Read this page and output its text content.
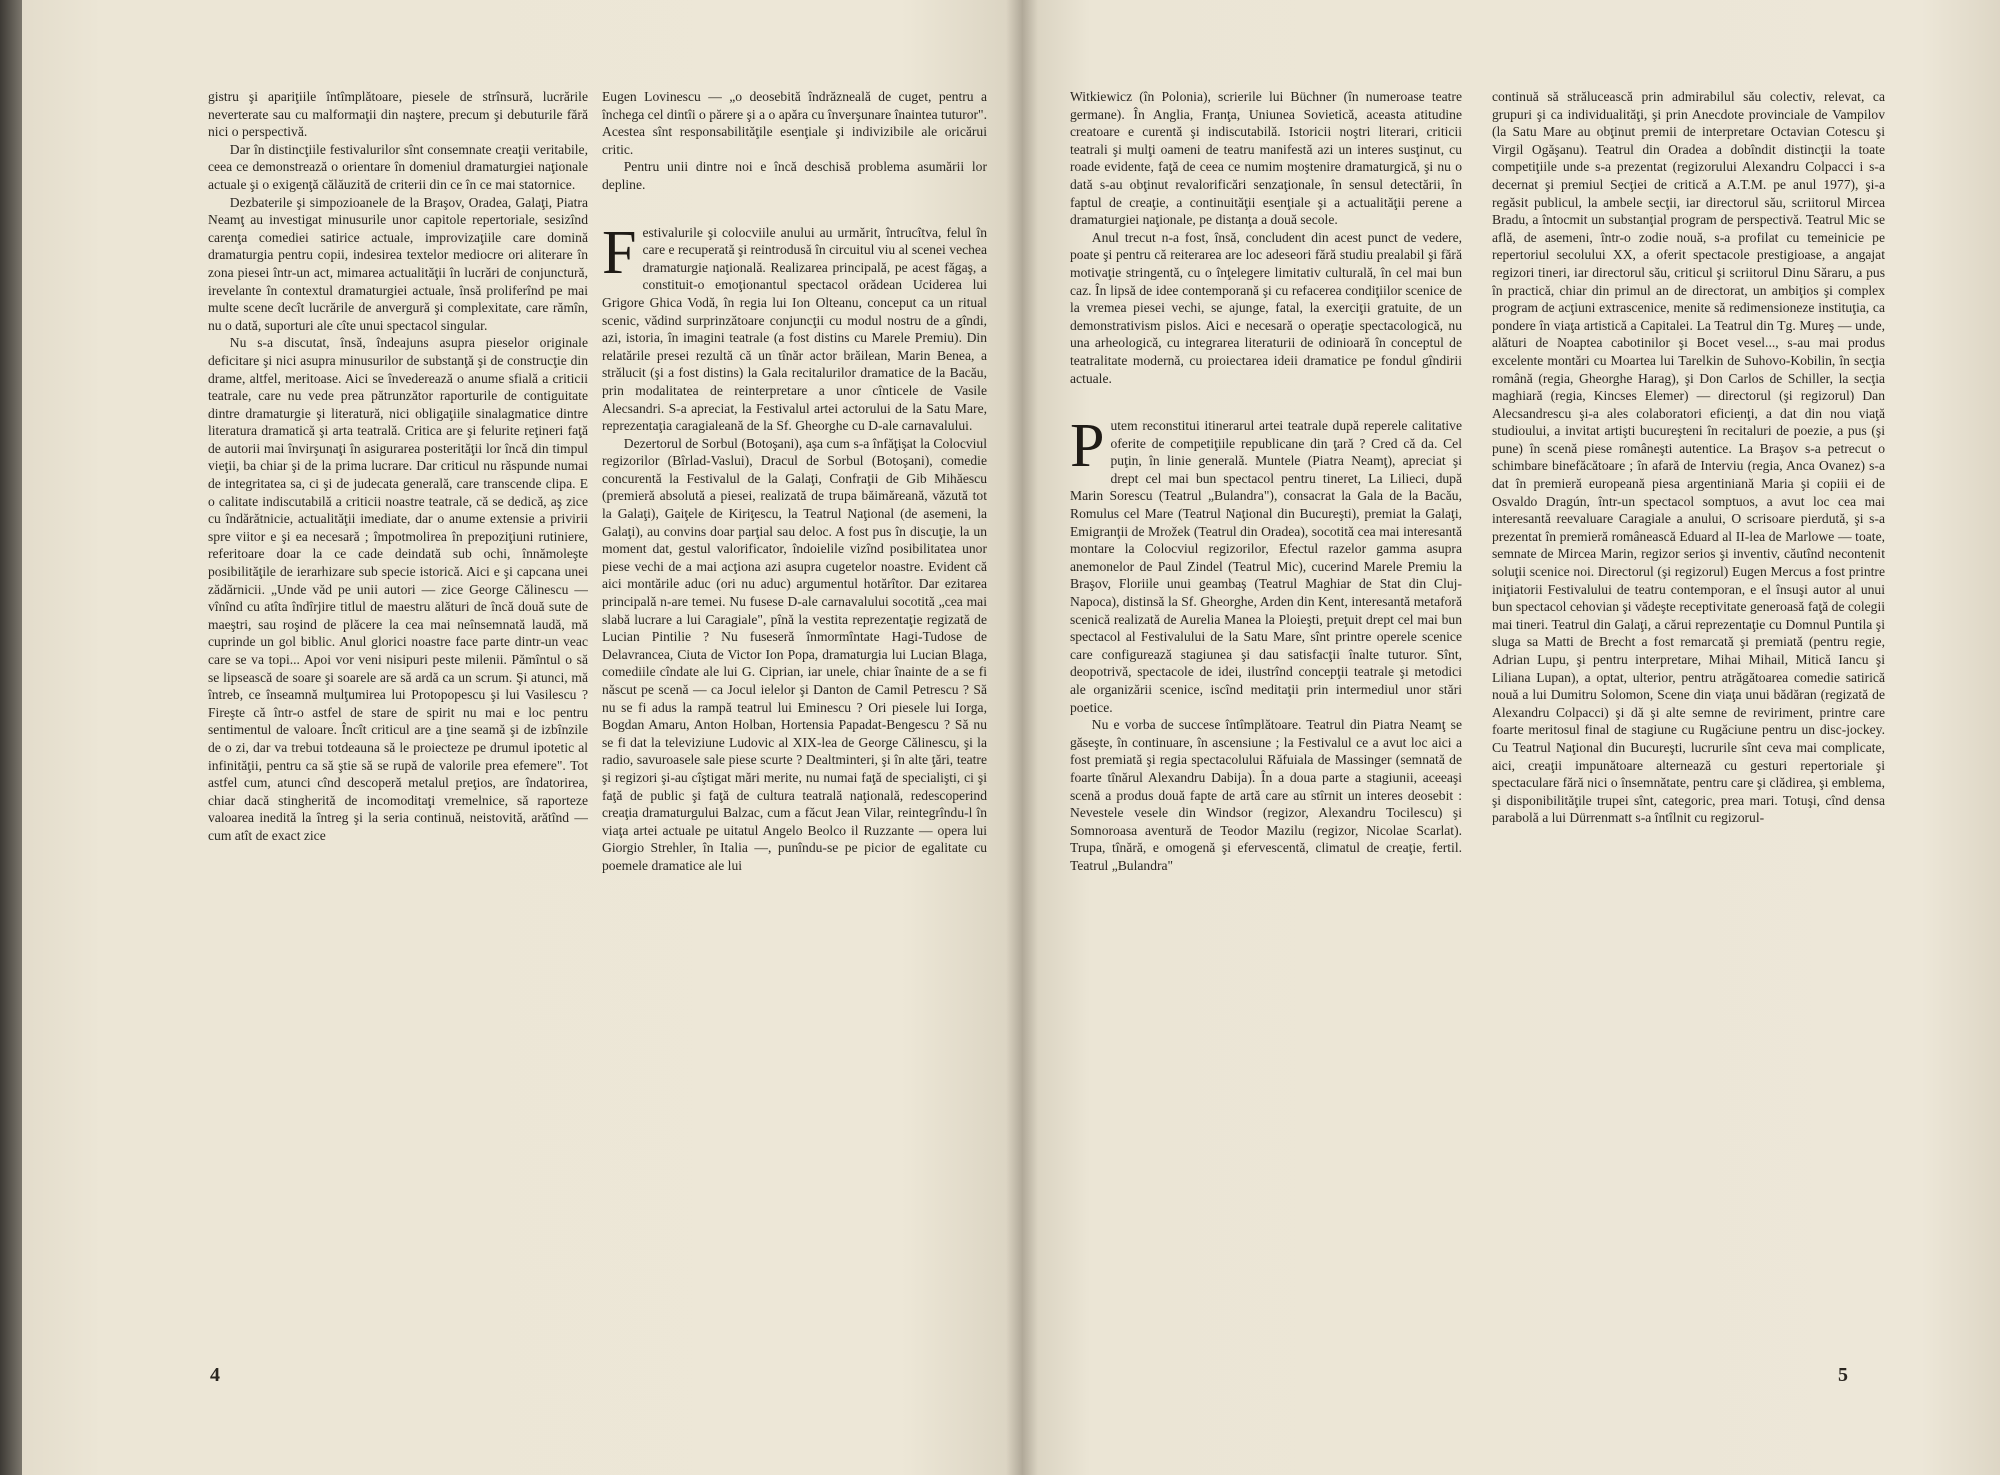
gistru şi apariţiile întîmplătoare, piesele de strînsură, lucrările neverterate sau cu malformaţii din naştere, precum şi debuturile fără nici o perspectivă.

Dar în distincţiile festivalurilor sînt consemnate creaţii veritabile, ceea ce demonstrează o orientare în domeniul dramaturgiei naţionale actuale şi o exigenţă călăuzită de criterii din ce în ce mai statornice.

Dezbaterile şi simpozioanele de la Braşov, Oradea, Galaţi, Piatra Neamţ au investigat minusurile unor capitole repertoriale, sesizînd carenţa comediei satirice actuale, improvizaţiile care domină dramaturgia pentru copii, indesirea textelor mediocre ori aliterare în zona piesei într-un act, mimarea actualităţii în lucrări de conjunctură, irevelante în contextul dramaturgiei actuale, însă proliferînd pe mai multe scene decît lucrările de anvergură şi complexitate, care rămîn, nu o dată, suporturi ale cîte unui spectacol singular.

Nu s-a discutat, însă, îndeajuns asupra pieselor originale deficitare şi nici asupra minusurilor de substanţă şi de construcţie din drame, altfel, meritoase. Aici se învederează o anume sfială a criticii teatrale, care nu vede prea pătrunzător raporturile de contiguitate dintre dramaturgie şi literatură, nici obligaţiile sinalagmatice dintre literatura dramatică şi arta teatrală. Critica are şi felurite reţineri faţă de autorii mai învirşunaţi în asigurarea posterităţii lor încă din timpul vieţii, ba chiar şi de la prima lucrare. Dar criticul nu răspunde numai de integritatea sa, ci şi de judecata generală, care transcende clipa. E o calitate indiscutabilă a criticii noastre teatrale, că se dedică, aş zice cu îndărătnicie, actualităţii imediate, dar o anume extensie a privirii spre viitor e şi ea necesară ; împotmolirea în prepoziţiuni rutiniere, referitoare doar la ce cade deindată sub ochi, înnămoleşte posibilităţile de ierarhizare sub specie istorică. Aici e şi capcana unei zădărnicii. „Unde văd pe unii autori — zice George Călinescu — vînînd cu atîta îndîrjire titlul de maestru alături de încă două sute de maeştri, sau roşind de plăcere la cea mai neînsemnată laudă, mă cuprinde un gol biblic. Anul glorici noastre face parte dintr-un veac care se va topi... Apoi vor veni nisipuri peste milenii. Pămîntul o să se lipsească de soare şi soarele are să ardă ca un scrum. Şi atunci, mă întreb, ce înseamnă mulţumirea lui Protopopescu şi lui Vasilescu ? Fireşte că într-o astfel de stare de spirit nu mai e loc pentru sentimentul de valoare. Încît criticul are a ţine seamă şi de izbînzile de o zi, dar va trebui totdeauna să le proiecteze pe drumul ipotetic al infinităţii, pentru ca să ştie să se rupă de valorile prea efemere". Tot astfel cum, atunci cînd descoperă metalul preţios, are îndatorirea, chiar dacă stingherită de incomoditaţi vremelnice, să raporteze valoarea inedită la întreg şi la seria continuă, neistovită, arătînd — cum atît de exact zice

Eugen Lovinescu — „o deosebită îndrăzneală de cuget, pentru a închega cel dintîi o părere şi a o apăra cu înverşunare înaintea tuturor". Acestea sînt responsabilităţile esenţiale şi indivizibile ale oricărui critic.

Pentru unii dintre noi e încă deschisă problema asumării lor depline.

Festivalurile şi colocviile anului au urmărit, întrucîtva, felul în care e recuperată şi reintrodusă în circuitul viu al scenei vechea dramaturgie naţională. Realizarea principală, pe acest făgaş, a constituit-o emoţionantul spectacol orădean Uciderea lui Grigore Ghica Vodă, în regia lui Ion Olteanu, conceput ca un ritual scenic, vădind surprinzătoare conjuncţii cu modul nostru de a gîndi, azi, istoria, în imagini teatrale (a fost distins cu Marele Premiu). Din relatările presei rezultă că un tînăr actor brăilean, Marin Benea, a strălucit (şi a fost distins) la Gala recitalurilor dramatice de la Bacău, prin modalitatea de reinterpretare a unor cînticele de Vasile Alecsandri. S-a apreciat, la Festivalul artei actorului de la Satu Mare, reprezentaţia caragialeană de la Sf. Gheorghe cu D-ale carnavalului.

Dezertorul de Sorbul (Botoşani), aşa cum s-a înfăţişat la Colocviul regizorilor (Bîrlad-Vaslui), Dracul de Sorbul (Botoşani), comedie concurentă la Festivalul de la Galaţi, Confraţii de Gib Mihăescu (premieră absolută a piesei, realizată de trupa băimăreană, văzută tot la Galaţi), Gaiţele de Kiriţescu, la Teatrul Naţional (de asemeni, la Galaţi), au convins doar parţial sau deloc. A fost pus în discuţie, la un moment dat, gestul valorificator, îndoielile vizînd posibilitatea unor piese vechi de a mai acţiona azi asupra cugetelor noastre. Evident că aici montările aduc (ori nu aduc) argumentul hotărîtor. Dar ezitarea principală n-are temei. Nu fusese D-ale carnavalului socotită „cea mai slabă lucrare a lui Caragiale", pînă la vestita reprezentaţie regizată de Lucian Pintilie ? Nu fuseseră înmormîntate Hagi-Tudose de Delavrancea, Ciuta de Victor Ion Popa, dramaturgia lui Lucian Blaga, comediile cîndate ale lui G. Ciprian, iar unele, chiar înainte de a se fi născut pe scenă — ca Jocul ielelor şi Danton de Camil Petrescu ? Să nu se fi adus la rampă teatrul lui Eminescu ? Ori piesele lui Iorga, Bogdan Amaru, Anton Holban, Hortensia Papadat-Bengescu ? Să nu se fi dat la televiziune Ludovic al XIX-lea de George Călinescu, şi la radio, savuroasele sale piese scurte ? Dealtminteri, şi în alte ţări, teatre şi regizori şi-au cîştigat mări merite, nu numai faţă de specialişti, ci şi faţă de public şi faţă de cultura teatrală naţională, redescoperind creaţia dramaturgului Balzac, cum a făcut Jean Vilar, reintegrîndu-l în viaţa artei actuale pe uitatul Angelo Beolco il Ruzzante — opera lui Giorgio Strehler, în Italia —, punîndu-se pe picior de egalitate cu poemele dramatice ale lui

4

Witkiewicz (în Polonia), scrierile lui Büchner (în numeroase teatre germane). În Anglia, Franţa, Uniunea Sovietică, aceasta atitudine creatoare e curentă şi indiscutabilă. Istoricii noştri literari, criticii teatrali şi mulţi oameni de teatru manifestă azi un interes susţinut, cu roade evidente, faţă de ceea ce numim moştenire dramaturgică, şi nu o dată s-au obţinut revalorificări senzaţionale, în sensul detectării, în faptul de creaţie, a continuităţii esenţiale şi a actualităţii perene a dramaturgiei naţionale, pe distanţa a două secole.

Anul trecut n-a fost, însă, concludent din acest punct de vedere, poate şi pentru că reiterarea are loc adeseori fără studiu prealabil şi fără motivaţie stringentă, cu o înţelegere limitativ culturală, în cel mai bun caz. În lipsă de idee contemporană şi cu refacerea condiţiilor scenice de la vremea piesei vechi, se ajunge, fatal, la exerciţii gratuite, de un demonstrativism pislos. Aici e necesară o operaţie spectacologică, nu una arheologică, cu integrarea literaturii de odinioară în conceptul de teatralitate modernă, cu proiectarea ideii dramatice pe fondul gîndirii actuale.

Putem reconstitui itinerarul artei teatrale după reperele calitative oferite de competiţiile republicane din ţară ? Cred că da. Cel puţin, în linie generală. Muntele (Piatra Neamţ), apreciat şi drept cel mai bun spectacol pentru tineret, La Lilieci, după Marin Sorescu (Teatrul „Bulandra"), consacrat la Gala de la Bacău, Romulus cel Mare (Teatrul Naţional din Bucureşti), premiat la Galaţi, Emigranţii de Mrožek (Teatrul din Oradea), socotită cea mai interesantă montare la Colocviul regizorilor, Efectul razelor gamma asupra anemonelor de Paul Zindel (Teatrul Mic), cucerind Marele Premiu la Braşov, Floriile unui geambaş (Teatrul Maghiar de Stat din Cluj-Napoca), distinsă la Sf. Gheorghe, Arden din Kent, interesantă metaforă scenică realizată de Aurelia Manea la Ploieşti, preţuit drept cel mai bun spectacol al Festivalului de la Satu Mare, sînt printre operele scenice care configurează stagiunea şi dau satisfacţii înalte tuturor. Sînt, deopotrivă, spectacole de idei, ilustrînd concepţii teatrale şi metodici ale organizării scenice, iscînd meditaţii prin intermediul unor stări poetice.

Nu e vorba de succese întîmplătoare. Teatrul din Piatra Neamţ se găseşte, în continuare, în ascensiune ; la Festivalul ce a avut loc aici a fost premiată şi regia spectacolului Răfuiala de Massinger (semnată de foarte tînărul Alexandru Dabija). În a doua parte a stagiunii, aceeaşi scenă a produs două fapte de artă care au stîrnit un interes deosebit : Nevestele vesele din Windsor (regizor, Alexandru Tocilescu) şi Somnoroasa aventură de Teodor Mazilu (regizor, Nicolae Scarlat). Trupa, tînără, e omogenă şi efervescentă, climatul de creaţie, fertil. Teatrul „Bulandra"

continuă să strălucească prin admirabilul său colectiv, relevat, ca grupuri şi ca individualităţi, şi prin Anecdote provinciale de Vampilov (la Satu Mare au obţinut premii de interpretare Octavian Cotescu şi Virgil Ogăşanu). Teatrul din Oradea a dobîndit distincţii la toate competiţiile unde s-a prezentat (regizorului Alexandru Colpacci i s-a decernat şi premiul Secţiei de critică a A.T.M. pe anul 1977), şi-a regăsit publicul, la ambele secţii, iar directorul său, scriitorul Mircea Bradu, a întocmit un substanţial program de perspectivă. Teatrul Mic se află, de asemeni, într-o zodie nouă, s-a profilat cu temeinicie pe repertoriul secolului XX, a oferit spectacole prestigioase, a angajat regizori tineri, iar directorul său, criticul şi scriitorul Dinu Săraru, a pus în practică, chiar din primul an de directorat, un ambiţios şi complex program de acţiuni extrascenice, menite să redimensioneze instituţia, ca pondere în viaţa artistică a Capitalei. La Teatrul din Tg. Mureş — unde, alături de Noaptea cabotinilor şi Bocet vesel..., s-au mai produs excelente montări cu Moartea lui Tarelkin de Suhovo-Kobilin, în secţia română (regia, Gheorghe Harag), şi Don Carlos de Schiller, la secţia maghiară (regia, Kincses Elemer) — directorul (şi regizorul) Dan Alecsandrescu şi-a ales colaboratori eficienţi, a dat din nou viaţă studioului, a invitat artişti bucureşteni în recitaluri de poezie, a pus (şi pune) în scenă piese româneşti autentice. La Braşov s-a petrecut o schimbare binefăcătoare ; în afară de Interviu (regia, Anca Ovanez) s-a dat în premieră europeană piesa argentiniană Maria şi copiii ei de Osvaldo Dragún, într-un spectacol somptuos, a avut loc cea mai interesantă reevaluare Caragiale a anului, O scrisoare pierdută, şi s-a prezentat în premieră românească Eduard al II-lea de Marlowe — toate, semnate de Mircea Marin, regizor serios şi inventiv, căutînd necontenit soluţii scenice noi. Directorul (şi regizorul) Eugen Mercus a fost printre iniţiatorii Festivalului de teatru contemporan, e el însuşi autor al unui bun spectacol cehovian şi vădeşte receptivitate generoasă faţă de colegii mai tineri. Teatrul din Galaţi, a cărui reprezentaţie cu Domnul Puntila şi sluga sa Matti de Brecht a fost remarcată şi premiată (pentru regie, Adrian Lupu, şi pentru interpretare, Mihai Mihail, Mitică Iancu şi Liliana Lupan), a optat, ulterior, pentru atrăgătoarea comedie satirică nouă a lui Dumitru Solomon, Scene din viaţa unui bădăran (regizată de Alexandru Colpacci) şi dă şi alte semne de reviriment, printre care foarte meritosul final de stagiune cu Rugăciune pentru un disc-jockey. Cu Teatrul Naţional din Bucureşti, lucrurile sînt ceva mai complicate, aici, creaţii impunătoare alternează cu gesturi repertoriale şi spectaculare fără nici o însemnătate, pentru care şi clădirea, şi emblema, şi disponibilităţile trupei sînt, categoric, prea mari. Totuşi, cînd densa parabolă a lui Dürrenmatt s-a întîlnit cu regizorul-

5
